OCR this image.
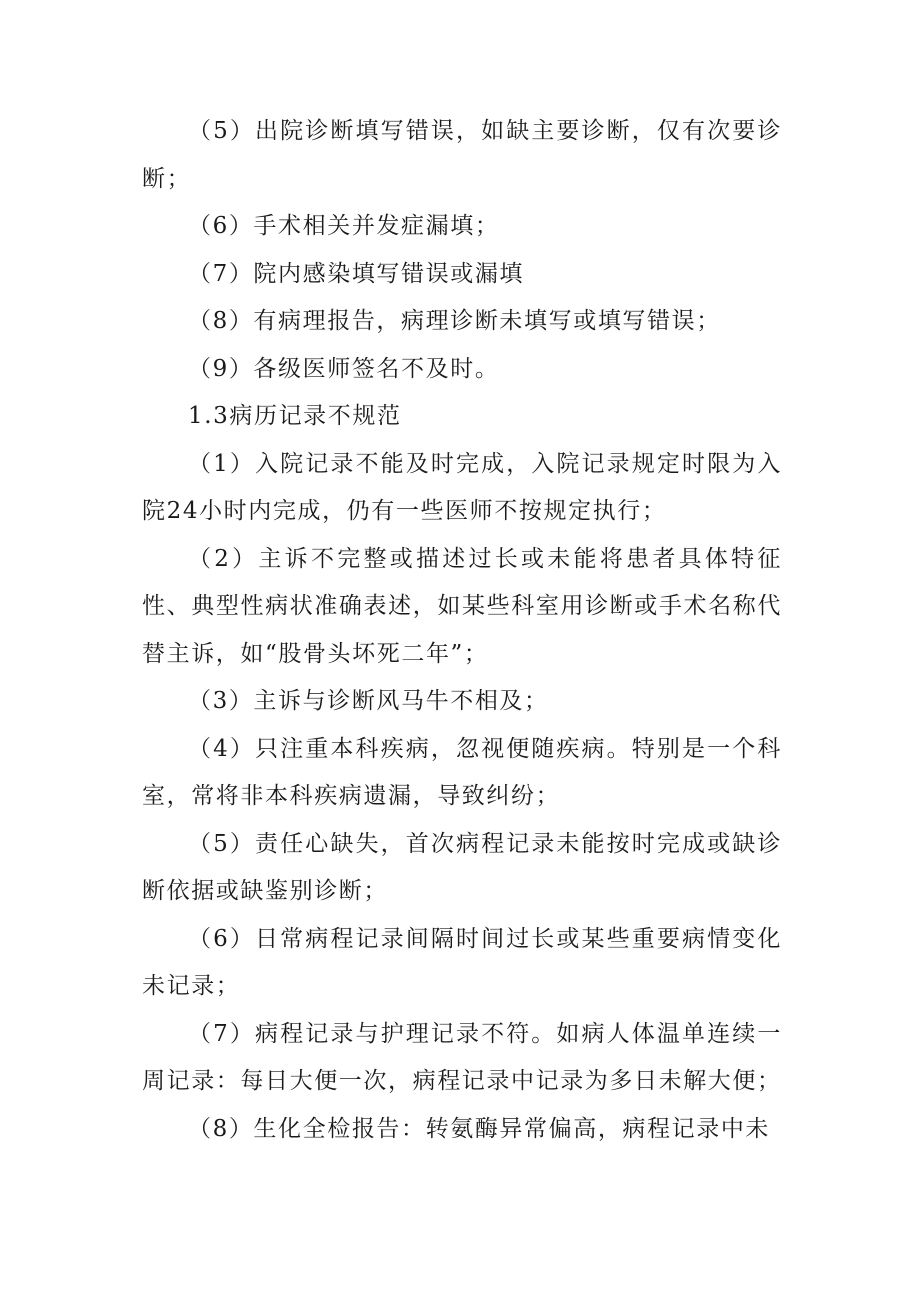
（5）出院诊断填写错误，如缺主要诊断，仅有次要诊断；

（6）手术相关并发症漏填；

（7）院内感染填写错误或漏填

（8）有病理报告，病理诊断未填写或填写错误；

（9）各级医师签名不及时。

1.3病历记录不规范

（1）入院记录不能及时完成，入院记录规定时限为入院24小时内完成，仍有一些医师不按规定执行；

（2）主诉不完整或描述过长或未能将患者具体特征性、典型性病状准确表述，如某些科室用诊断或手术名称代替主诉，如“股骨头坏死二年”；

（3）主诉与诊断风马牛不相及；

（4）只注重本科疾病，忽视便随疾病。特别是一个科室，常将非本科疾病遗漏，导致纠纷；

（5）责任心缺失，首次病程记录未能按时完成或缺诊断依据或缺鉴别诊断；

（6）日常病程记录间隔时间过长或某些重要病情变化未记录；

（7）病程记录与护理记录不符。如病人体温单连续一周记录：每日大便一次，病程记录中记录为多日未解大便；

（8）生化全检报告：转氨酶异常偏高，病程记录中未
